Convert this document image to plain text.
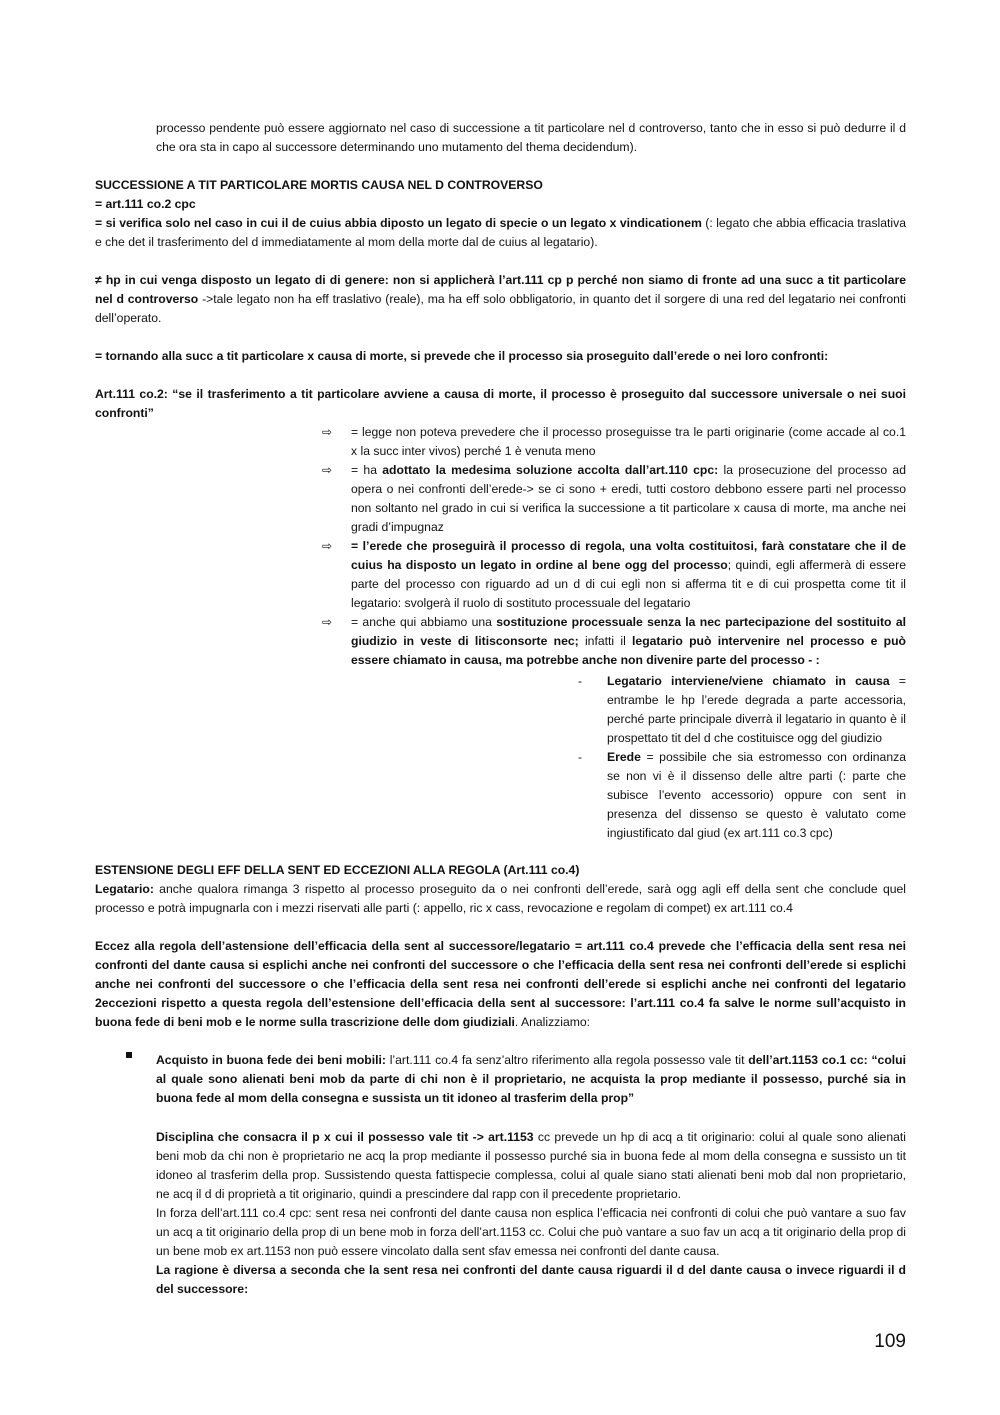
processo pendente può essere aggiornato nel caso di successione a tit particolare nel d controverso, tanto che in esso si può dedurre il d che ora sta in capo al successore determinando uno mutamento del thema decidendum).

SUCCESSIONE A TIT PARTICOLARE MORTIS CAUSA NEL D CONTROVERSO

= art.111 co.2 cpc

= si verifica solo nel caso in cui il de cuius abbia diposto un legato di specie o un legato x vindicationem (: legato che abbia efficacia traslativa e che det il trasferimento del d immediatamente al mom della morte dal de cuius al legatario).

≠ hp in cui venga disposto un legato di di genere: non si applicherà l’art.111 cp p perché non siamo di fronte ad una succ a tit particolare nel d controverso ->tale legato non ha eff traslativo (reale), ma ha eff solo obbligatorio, in quanto det il sorgere di una red del legatario nei confronti dell’operato.

= tornando alla succ a tit particolare x causa di morte, si prevede che il processo sia proseguito dall’erede o nei loro confronti:

Art.111 co.2: “se il trasferimento a tit particolare avviene a causa di morte, il processo è proseguito dal successore universale o nei suoi confronti”

⇨ = legge non poteva prevedere che il processo proseguisse tra le parti originarie (come accade al co.1 x la succ inter vivos) perché 1 è venuta meno
⇨ = ha adottato la medesima soluzione accolta dall’art.110 cpc: la prosecuzione del processo ad opera o nei confronti dell’erede-> se ci sono + eredi, tutti costoro debbono essere parti nel processo non soltanto nel grado in cui si verifica la successione a tit particolare x causa di morte, ma anche nei gradi d’impugnaz
⇨ = l’erede che proseguirà il processo di regola, una volta costituitosi, farà constatare che il de cuius ha disposto un legato in ordine al bene ogg del processo; quindi, egli affermerà di essere parte del processo con riguardo ad un d di cui egli non si afferma tit e di cui prospetta come tit il legatario: svolgerà il ruolo di sostituto processuale del legatario
⇨ = anche qui abbiamo una sostituzione processuale senza la nec partecipazione del sostituito al giudizio in veste di litisconsorte nec; infatti il legatario può intervenire nel processo e può essere chiamato in causa, ma potrebbe anche non divenire parte del processo - :
- Legatario interviene/viene chiamato in causa = entrambe le hp l’erede degrada a parte accessoria, perché parte principale diverrà il legatario in quanto è il prospettato tit del d che costituisce ogg del giudizio
- Erede = possibile che sia estromesso con ordinanza se non vi è il dissenso delle altre parti (: parte che subisce l’evento accessorio) oppure con sent in presenza del dissenso se questo è valutato come ingiustificato dal giud (ex art.111 co.3 cpc)

ESTENSIONE DEGLI EFF DELLA SENT ED ECCEZIONI ALLA REGOLA (Art.111 co.4)

Legatario: anche qualora rimanga 3 rispetto al processo proseguito da o nei confronti dell’erede, sarà ogg agli eff della sent che conclude quel processo e potrà impugnarla con i mezzi riservati alle parti (: appello, ric x cass, revocazione e regolam di compet) ex art.111 co.4

Eccez alla regola dell’astensione dell’efficacia della sent al successore/legatario = art.111 co.4 prevede che l’efficacia della sent resa nei confronti del dante causa si esplichi anche nei confronti del successore o che l’efficacia della sent resa nei confronti dell’erede si esplichi anche nei confronti del successore o che l’efficacia della sent resa nei confronti dell’erede si esplichi anche nei confronti del legatario 2eccezioni rispetto a questa regola dell’estensione dell’efficacia della sent al successore: l’art.111 co.4 fa salve le norme sull’acquisto in buona fede di beni mob e le norme sulla trascrizione delle dom giudiziali. Analizziamo:

Acquisto in buona fede dei beni mobili: l’art.111 co.4 fa senz’altro riferimento alla regola possesso vale tit dell’art.1153 co.1 cc: “colui al quale sono alienati beni mob da parte di chi non è il proprietario, ne acquista la prop mediante il possesso, purché sia in buona fede al mom della consegna e sussista un tit idoneo al trasferim della prop”

Disciplina che consacra il p x cui il possesso vale tit -> art.1153 cc prevede un hp di acq a tit originario: colui al quale sono alienati beni mob da chi non è proprietario ne acq la prop mediante il possesso purché sia in buona fede al mom della consegna e sussisto un tit idoneo al trasferim della prop. Sussistendo questa fattispecie complessa, colui al quale siano stati alienati beni mob dal non proprietario, ne acq il d di proprietà a tit originario, quindi a prescindere dal rapp con il precedente proprietario.

In forza dell’art.111 co.4 cpc: sent resa nei confronti del dante causa non esplica l’efficacia nei confronti di colui che può vantare a suo fav un acq a tit originario della prop di un bene mob in forza dell’art.1153 cc. Colui che può vantare a suo fav un acq a tit originario della prop di un bene mob ex art.1153 non può essere vincolato dalla sent sfav emessa nei confronti del dante causa.

La ragione è diversa a seconda che la sent resa nei confronti del dante causa riguardi il d del dante causa o invece riguardi il d del successore:

109
